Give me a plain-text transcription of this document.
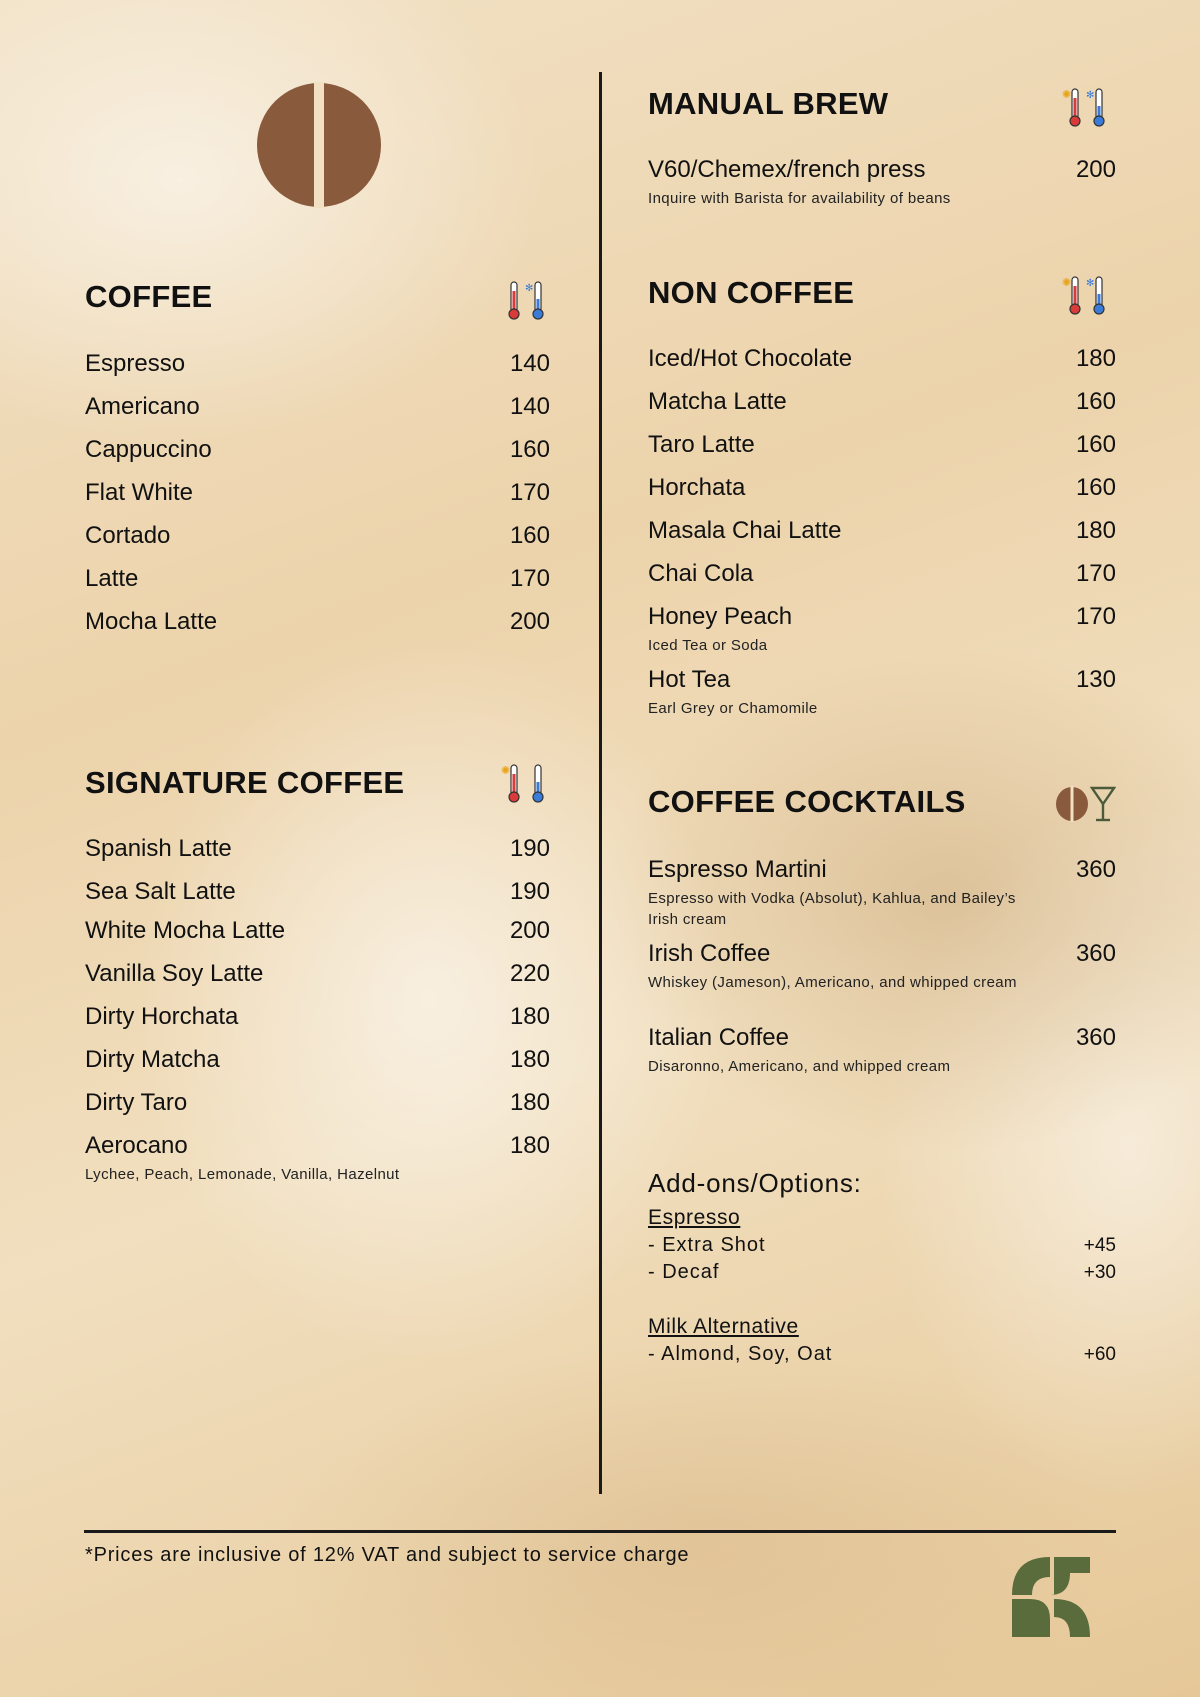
COFFEE	✻
Espresso	140
Americano	140
Cappuccino	160
Flat White	170
Cortado	160
Latte	170
Mocha Latte	200
SIGNATURE COFFEE	✺
Spanish Latte	190
Sea Salt Latte	190
White Mocha Latte	200
Vanilla Soy Latte	220
Dirty Horchata	180
Dirty Matcha	180
Dirty Taro	180
Aerocano	180
Lychee, Peach, Lemonade, Vanilla, Hazelnut
MANUAL BREW	✺ ✻
V60/Chemex/french press	200
Inquire with Barista for availability of beans
NON COFFEE	✺ ✻
Iced/Hot Chocolate	180
Matcha Latte	160
Taro Latte	160
Horchata	160
Masala Chai Latte	180
Chai Cola	170
Honey Peach	170
Iced Tea or Soda
Hot Tea	130
Earl Grey or Chamomile
COFFEE COCKTAILS
Espresso Martini	360
Espresso with Vodka (Absolut), Kahlua, and Bailey’s Irish cream
Irish Coffee	360
Whiskey (Jameson), Americano, and whipped cream
Italian Coffee	360
Disaronno, Americano, and whipped cream
Add-ons/Options:
Espresso
- Extra Shot	+45
- Decaf	+30
Milk Alternative
- Almond, Soy, Oat	+60
*Prices are inclusive of 12% VAT and subject to service charge
